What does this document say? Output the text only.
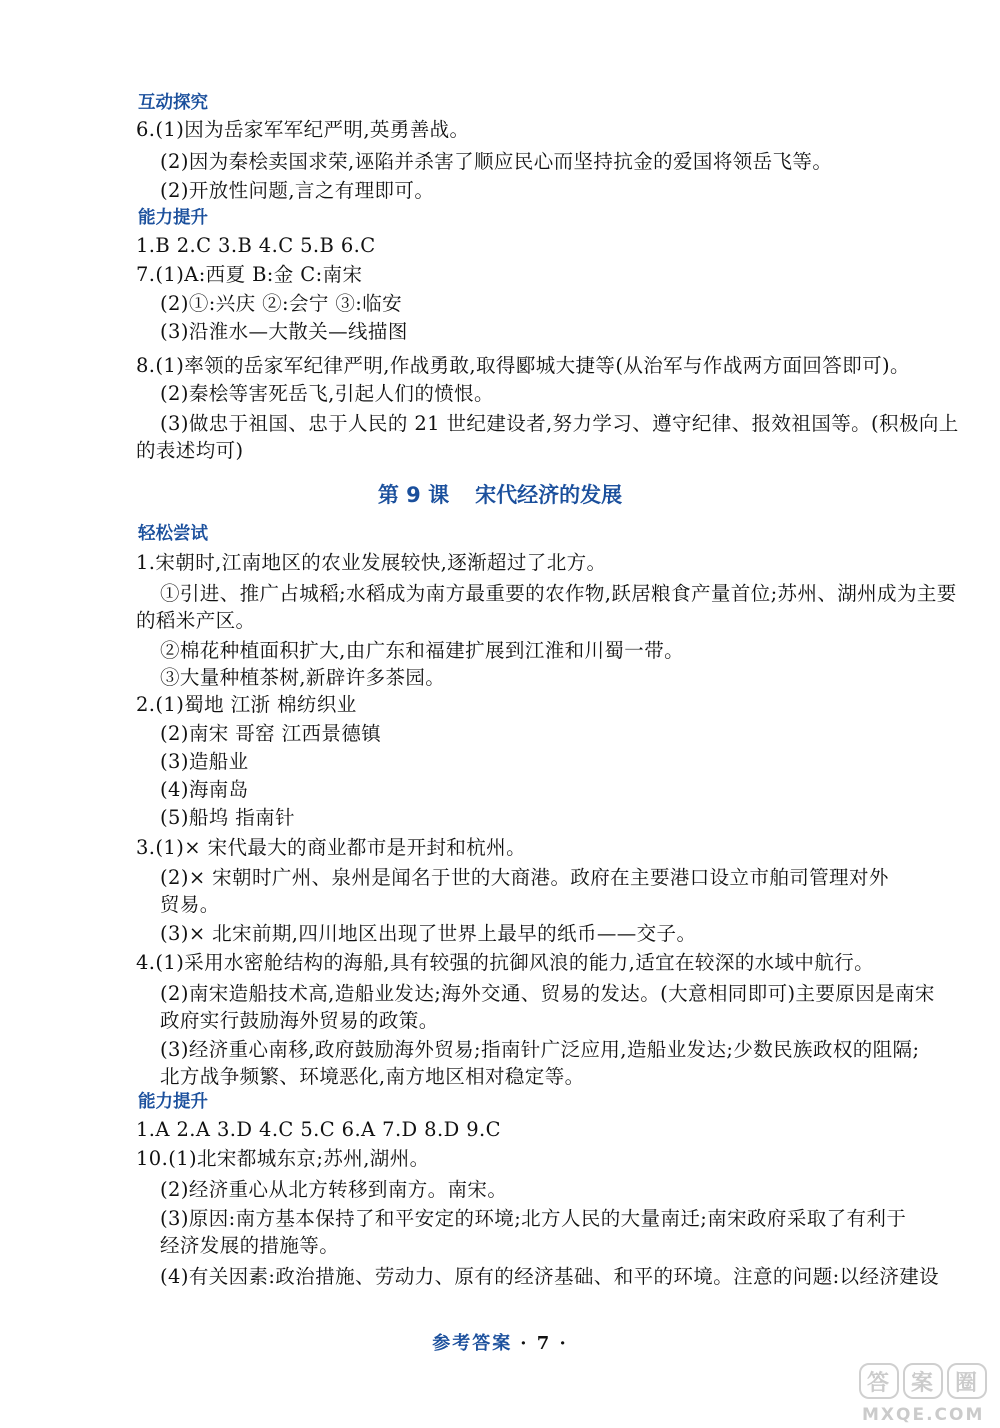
互动探究
6.(1)因为岳家军军纪严明,英勇善战。
(2)因为秦桧卖国求荣,诬陷并杀害了顺应民心而坚持抗金的爱国将领岳飞等。
(2)开放性问题,言之有理即可。
能力提升
1.B 2.C 3.B 4.C 5.B 6.C
7.(1)A:西夏 B:金 C:南宋
(2)①:兴庆 ②:会宁 ③:临安
(3)沿淮水—大散关—线描图
8.(1)率领的岳家军纪律严明,作战勇敢,取得郾城大捷等(从治军与作战两方面回答即可)。
(2)秦桧等害死岳飞,引起人们的愤恨。
(3)做忠于祖国、忠于人民的 21 世纪建设者,努力学习、遵守纪律、报效祖国等。(积极向上
的表述均可)
第 9 课 宋代经济的发展
轻松尝试
1.宋朝时,江南地区的农业发展较快,逐渐超过了北方。
①引进、推广占城稻;水稻成为南方最重要的农作物,跃居粮食产量首位;苏州、湖州成为主要
的稻米产区。
②棉花种植面积扩大,由广东和福建扩展到江淮和川蜀一带。
③大量种植茶树,新辟许多茶园。
2.(1)蜀地 江浙 棉纺织业
(2)南宋 哥窑 江西景德镇
(3)造船业
(4)海南岛
(5)船坞 指南针
3.(1)× 宋代最大的商业都市是开封和杭州。
(2)× 宋朝时广州、泉州是闻名于世的大商港。政府在主要港口设立市舶司管理对外
贸易。
(3)× 北宋前期,四川地区出现了世界上最早的纸币——交子。
4.(1)采用水密舱结构的海船,具有较强的抗御风浪的能力,适宜在较深的水域中航行。
(2)南宋造船技术高,造船业发达;海外交通、贸易的发达。(大意相同即可)主要原因是南宋
政府实行鼓励海外贸易的政策。
(3)经济重心南移,政府鼓励海外贸易;指南针广泛应用,造船业发达;少数民族政权的阻隔;
北方战争频繁、环境恶化,南方地区相对稳定等。
能力提升
1.A 2.A 3.D 4.C 5.C 6.A 7.D 8.D 9.C
10.(1)北宋都城东京;苏州,湖州。
(2)经济重心从北方转移到南方。南宋。
(3)原因:南方基本保持了和平安定的环境;北方人民的大量南迁;南宋政府采取了有利于
经济发展的措施等。
(4)有关因素:政治措施、劳动力、原有的经济基础、和平的环境。注意的问题:以经济建设
参考答案 · 7 ·
答 案 圈
MXQE.COM
